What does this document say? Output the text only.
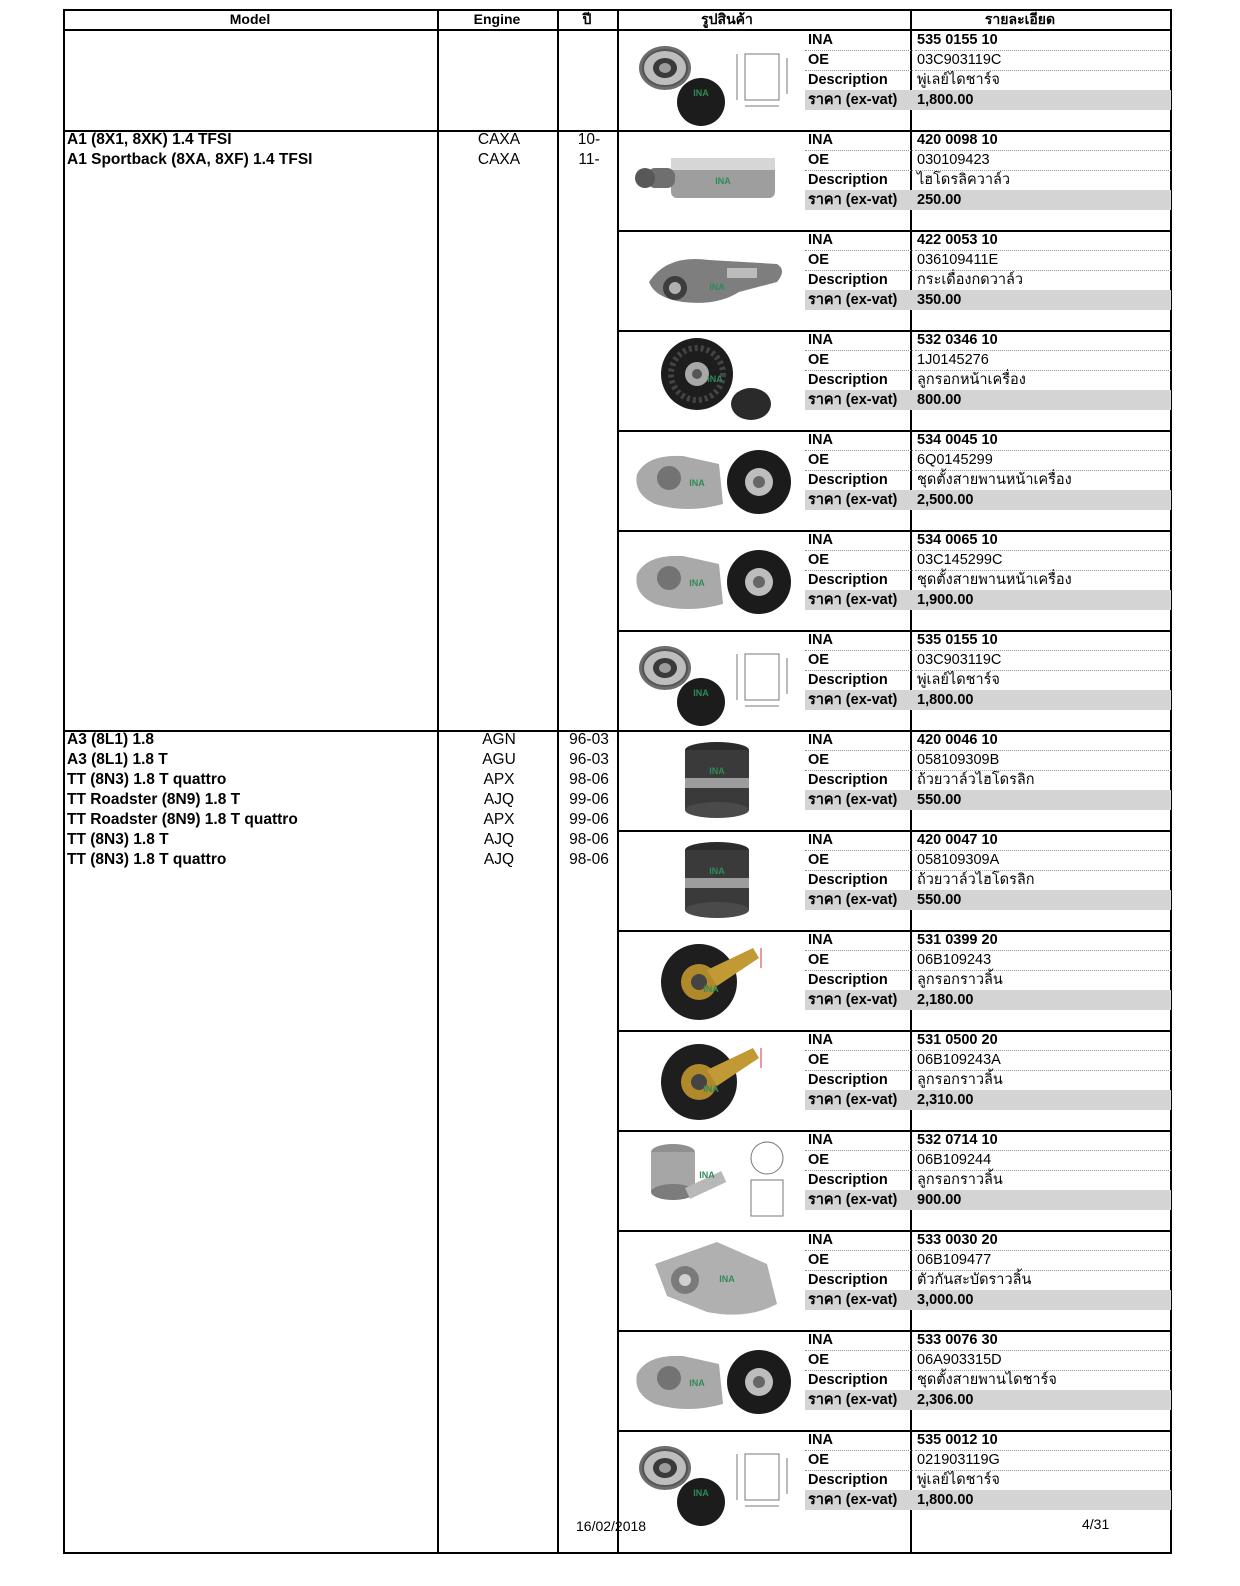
Model	Engine	ปี	รูปสินค้า	รายละเอียด
INA
INA	535 0155 10
OE	03C903119C
Description	พู่เลย์ไดชาร์จ
ราคา (ex-vat)	1,800.00
A1 (8X1, 8XK) 1.4 TFSI	CAXA	10-
A1 Sportback (8XA, 8XF) 1.4 TFSI	CAXA	11-
INA
INA	420 0098 10
OE	030109423
Description	ไฮโดรลิควาล์ว
ราคา (ex-vat)	250.00
INA
INA	422 0053 10
OE	036109411E
Description	กระเดื่องกดวาล์ว
ราคา (ex-vat)	350.00
INA
INA	532 0346 10
OE	1J0145276
Description	ลูกรอกหน้าเครื่อง
ราคา (ex-vat)	800.00
INA
INA	534 0045 10
OE	6Q0145299
Description	ชุดตั้งสายพานหน้าเครื่อง
ราคา (ex-vat)	2,500.00
INA
INA	534 0065 10
OE	03C145299C
Description	ชุดตั้งสายพานหน้าเครื่อง
ราคา (ex-vat)	1,900.00
INA
INA	535 0155 10
OE	03C903119C
Description	พู่เลย์ไดชาร์จ
ราคา (ex-vat)	1,800.00
A3 (8L1) 1.8	AGN	96-03
A3 (8L1) 1.8 T	AGU	96-03
TT (8N3) 1.8 T quattro	APX	98-06
TT Roadster (8N9) 1.8 T	AJQ	99-06
TT Roadster (8N9) 1.8 T quattro	APX	99-06
TT (8N3) 1.8 T	AJQ	98-06
TT (8N3) 1.8 T quattro	AJQ	98-06
INA
INA	420 0046 10
OE	058109309B
Description	ถ้วยวาล์วไฮโดรลิก
ราคา (ex-vat)	550.00
INA
INA	420 0047 10
OE	058109309A
Description	ถ้วยวาล์วไฮโดรลิก
ราคา (ex-vat)	550.00
INA
INA	531 0399 20
OE	06B109243
Description	ลูกรอกราวลิ้น
ราคา (ex-vat)	2,180.00
INA
INA	531 0500 20
OE	06B109243A
Description	ลูกรอกราวลิ้น
ราคา (ex-vat)	2,310.00
INA
INA	532 0714 10
OE	06B109244
Description	ลูกรอกราวลิ้น
ราคา (ex-vat)	900.00
INA
INA	533 0030 20
OE	06B109477
Description	ตัวกันสะบัดราวลิ้น
ราคา (ex-vat)	3,000.00
INA
INA	533 0076 30
OE	06A903315D
Description	ชุดตั้งสายพานไดชาร์จ
ราคา (ex-vat)	2,306.00
INA
INA	535 0012 10
OE	021903119G
Description	พู่เลย์ไดชาร์จ
ราคา (ex-vat)	1,800.00
16/02/2018	4/31
